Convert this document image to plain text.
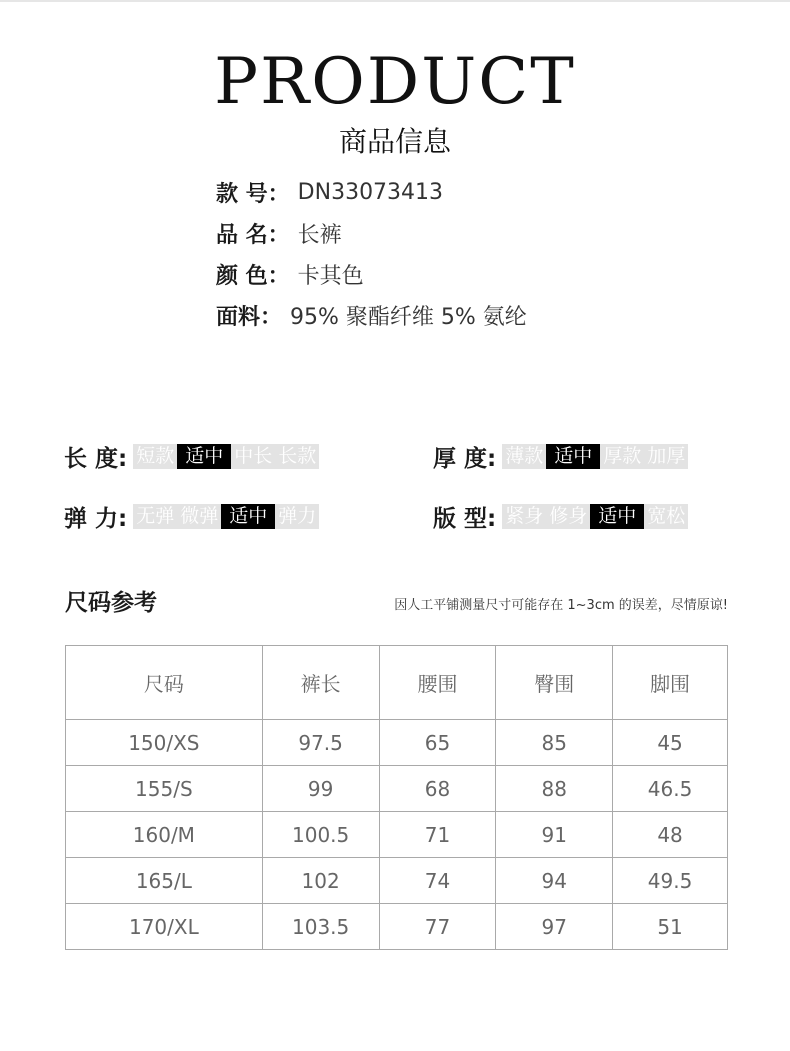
PRODUCT
商品信息
款 号： DN33073413
品 名： 长裤
颜 色： 卡其色
面料： 95% 聚酯纤维 5% 氨纶
长 度: 短款 适中 中长 长款	厚 度: 薄款 适中 厚款 加厚
弹 力: 无弹 微弹 适中 弹力	版 型: 紧身 修身 适中 宽松
尺码参考	因人工平铺测量尺寸可能存在 1~3cm 的误差，尽情原谅!
尺码	裤长	腰围	臀围	脚围
150/XS	97.5	65	85	45
155/S	99	68	88	46.5
160/M	100.5	71	91	48
165/L	102	74	94	49.5
170/XL	103.5	77	97	51
